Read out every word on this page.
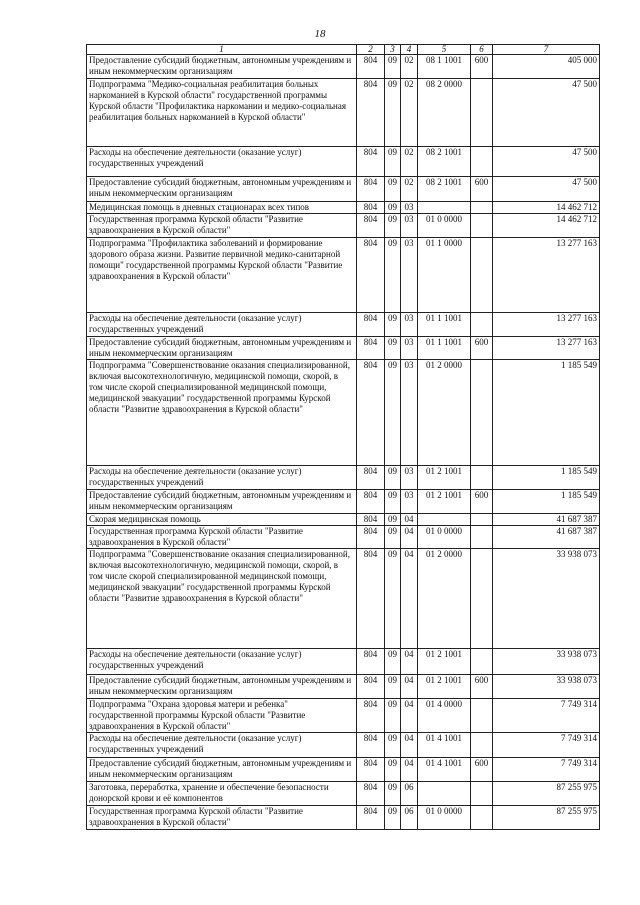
18
1	2	3	4	5	6	7
Предоставление субсидий бюджетным, автономным учреждениям и иным некоммерческим организациям	804	09	02	08 1 1001	600	405 000
Подпрограмма "Медико-социальная реабилитация больных наркоманией в Курской области" государственной программы Курской области "Профилактика наркомании и медико-социальная реабилитация больных наркоманией в Курской области"	804	09	02	08 2 0000		47 500
Расходы на обеспечение деятельности (оказание услуг) государственных учреждений	804	09	02	08 2 1001		47 500
Предоставление субсидий бюджетным, автономным учреждениям и иным некоммерческим организациям	804	09	02	08 2 1001	600	47 500
Медицинская помощь в дневных стационарах всех типов	804	09	03			14 462 712
Государственная программа Курской области "Развитие здравоохранения в Курской области"	804	09	03	01 0 0000		14 462 712
Подпрограмма "Профилактика заболеваний и формирование здорового образа жизни. Развитие первичной медико-санитарной помощи" государственной программы Курской области "Развитие здравоохранения в Курской области"	804	09	03	01 1 0000		13 277 163
Расходы на обеспечение деятельности (оказание услуг) государственных учреждений	804	09	03	01 1 1001		13 277 163
Предоставление субсидий бюджетным, автономным учреждениям и иным некоммерческим организациям	804	09	03	01 1 1001	600	13 277 163
Подпрограмма "Совершенствование оказания специализированной, включая высокотехнологичную, медицинской помощи, скорой, в том числе скорой специализированной медицинской помощи, медицинской эвакуации" государственной программы Курской области "Развитие здравоохранения в Курской области"	804	09	03	01 2 0000		1 185 549
Расходы на обеспечение деятельности (оказание услуг) государственных учреждений	804	09	03	01 2 1001		1 185 549
Предоставление субсидий бюджетным, автономным учреждениям и иным некоммерческим организациям	804	09	03	01 2 1001	600	1 185 549
Скорая медицинская помощь	804	09	04			41 687 387
Государственная программа Курской области "Развитие здравоохранения в Курской области"	804	09	04	01 0 0000		41 687 387
Подпрограмма "Совершенствование оказания специализированной, включая высокотехнологичную, медицинской помощи, скорой, в том числе скорой специализированной медицинской помощи, медицинской эвакуации" государственной программы Курской области "Развитие здравоохранения в Курской области"	804	09	04	01 2 0000		33 938 073
Расходы на обеспечение деятельности (оказание услуг) государственных учреждений	804	09	04	01 2 1001		33 938 073
Предоставление субсидий бюджетным, автономным учреждениям и иным некоммерческим организациям	804	09	04	01 2 1001	600	33 938 073
Подпрограмма "Охрана здоровья матери и ребенка" государственной программы Курской области "Развитие здравоохранения в Курской области"	804	09	04	01 4 0000		7 749 314
Расходы на обеспечение деятельности (оказание услуг) государственных учреждений	804	09	04	01 4 1001		7 749 314
Предоставление субсидий бюджетным, автономным учреждениям и иным некоммерческим организациям	804	09	04	01 4 1001	600	7 749 314
Заготовка, переработка, хранение и обеспечение безопасности донорской крови и её компонентов	804	09	06			87 255 975
Государственная программа Курской области "Развитие здравоохранения в Курской области"	804	09	06	01 0 0000		87 255 975
